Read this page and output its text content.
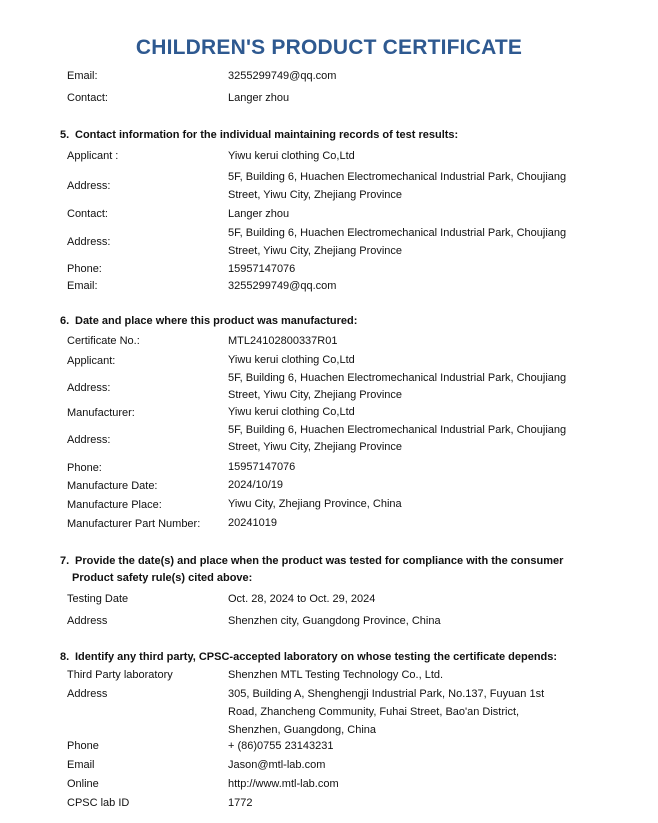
CHILDREN'S PRODUCT CERTIFICATE
Email:	3255299749@qq.com
Contact:	Langer zhou
5. Contact information for the individual maintaining records of test results:
Applicant :	Yiwu kerui clothing Co,Ltd
Address:
5F, Building 6, Huachen Electromechanical Industrial Park, Choujiang
Street, Yiwu City, Zhejiang Province
Contact:	Langer zhou
Address:
5F, Building 6, Huachen Electromechanical Industrial Park, Choujiang
Street, Yiwu City, Zhejiang Province
Phone:	15957147076
Email:	3255299749@qq.com
6. Date and place where this product was manufactured:
Certificate No.:	MTL24102800337R01
Applicant:	Yiwu kerui clothing Co,Ltd
Address:
5F, Building 6, Huachen Electromechanical Industrial Park, Choujiang
Street, Yiwu City, Zhejiang Province
Manufacturer:	Yiwu kerui clothing Co,Ltd
Address:
5F, Building 6, Huachen Electromechanical Industrial Park, Choujiang
Street, Yiwu City, Zhejiang Province
Phone:	15957147076
Manufacture Date:	2024/10/19
Manufacture Place:	Yiwu City, Zhejiang Province, China
Manufacturer Part Number:	20241019
7. Provide the date(s) and place when the product was tested for compliance with the consumer
Product safety rule(s) cited above:
Testing Date	Oct. 28, 2024 to Oct. 29, 2024
Address	Shenzhen city, Guangdong Province, China
8. Identify any third party, CPSC-accepted laboratory on whose testing the certificate depends:
Third Party laboratory	Shenzhen MTL Testing Technology Co., Ltd.
Address	305, Building A, Shenghengji Industrial Park, No.137, Fuyuan 1st
Road, Zhancheng Community, Fuhai Street, Bao'an District,
Shenzhen, Guangdong, China
Phone	+ (86)0755 23143231
Email	Jason@mtl-lab.com
Online	http://www.mtl-lab.com
CPSC lab ID	1772
